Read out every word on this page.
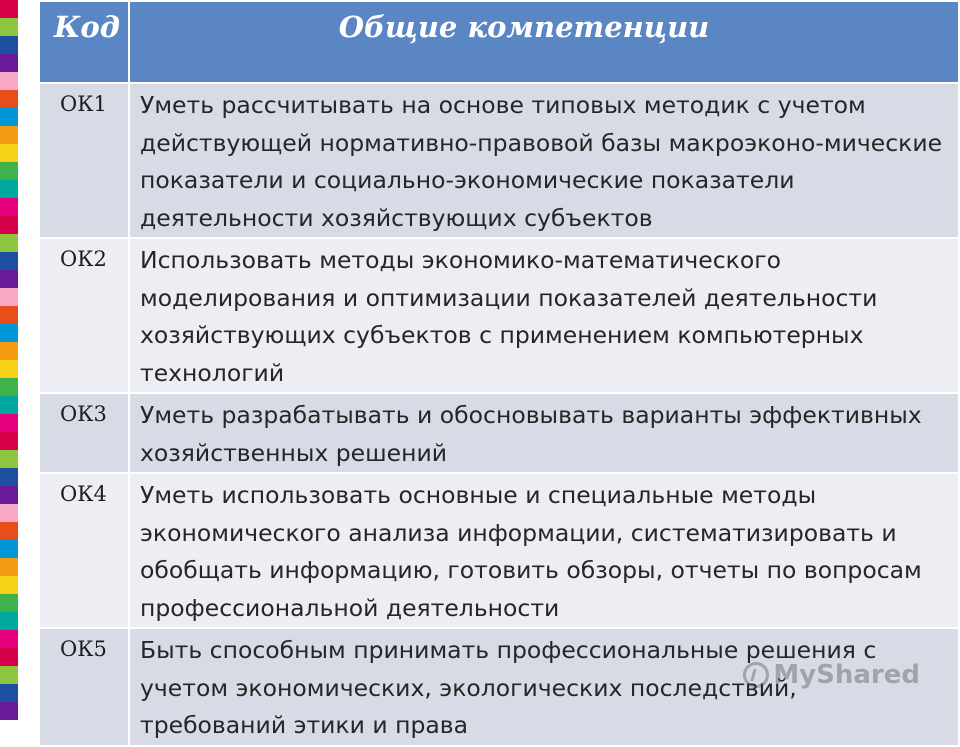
Код	Общие компетенции
ОК1	Уметь рассчитывать на основе типовых методик с учетом действующей нормативно-правовой базы макроэконо-мические показатели и социально-экономические показатели деятельности хозяйствующих субъектов
ОК2	Использовать методы экономико-математического моделирования и оптимизации показателей деятельности хозяйствующих субъектов с применением компьютерных технологий
ОК3	Уметь разрабатывать и обосновывать варианты эффективных хозяйственных решений
ОК4	Уметь использовать основные и специальные методы экономического анализа информации, систематизировать и обобщать информацию, готовить обзоры, отчеты по вопросам профессиональной деятельности
ОК5	Быть способным принимать профессиональные решения с учетом экономических, экологических последствий, требований этики и права
MyShared
